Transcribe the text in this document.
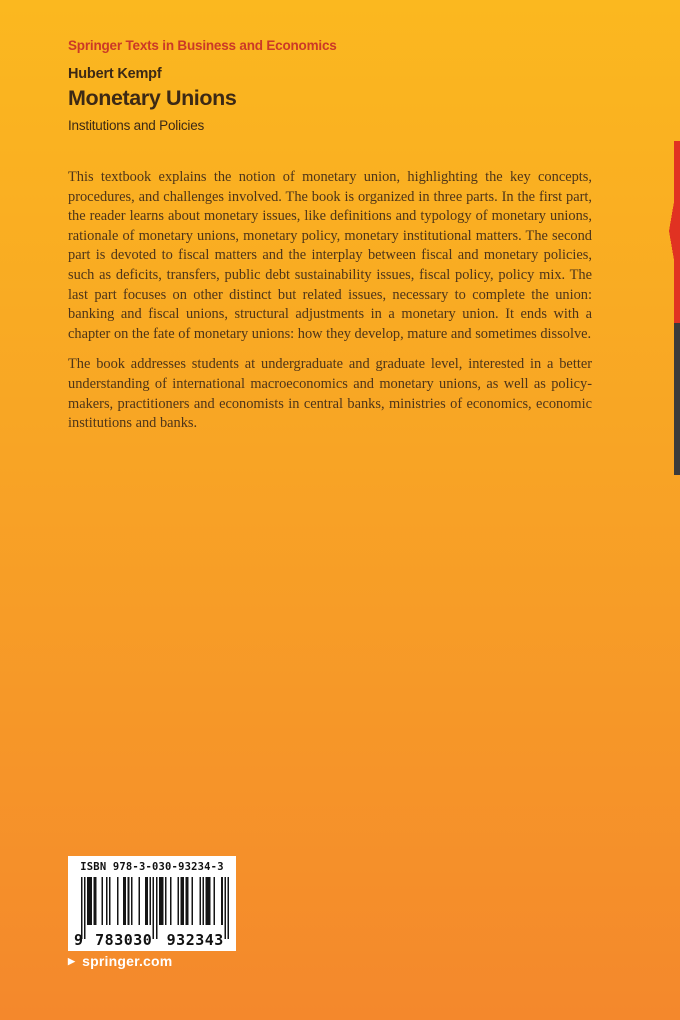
Springer Texts in Business and Economics
Hubert Kempf
Monetary Unions
Institutions and Policies

This textbook explains the notion of monetary union, highlighting the key concepts, procedures, and challenges involved. The book is organized in three parts. In the first part, the reader learns about monetary issues, like definitions and typology of monetary unions, rationale of monetary unions, monetary policy, monetary institutional matters. The second part is devoted to fiscal matters and the interplay between fiscal and monetary policies, such as deficits, transfers, public debt sustainability issues, fiscal policy, policy mix. The last part focuses on other distinct but related issues, necessary to complete the union: banking and fiscal unions, structural adjustments in a monetary union. It ends with a chapter on the fate of monetary unions: how they develop, mature and sometimes dissolve.

The book addresses students at undergraduate and graduate level, interested in a better understanding of international macroeconomics and monetary unions, as well as policy-makers, practitioners and economists in central banks, ministries of economics, economic institutions and banks.

ISBN 978-3-030-93234-3
9 783030 932343
▶ springer.com
